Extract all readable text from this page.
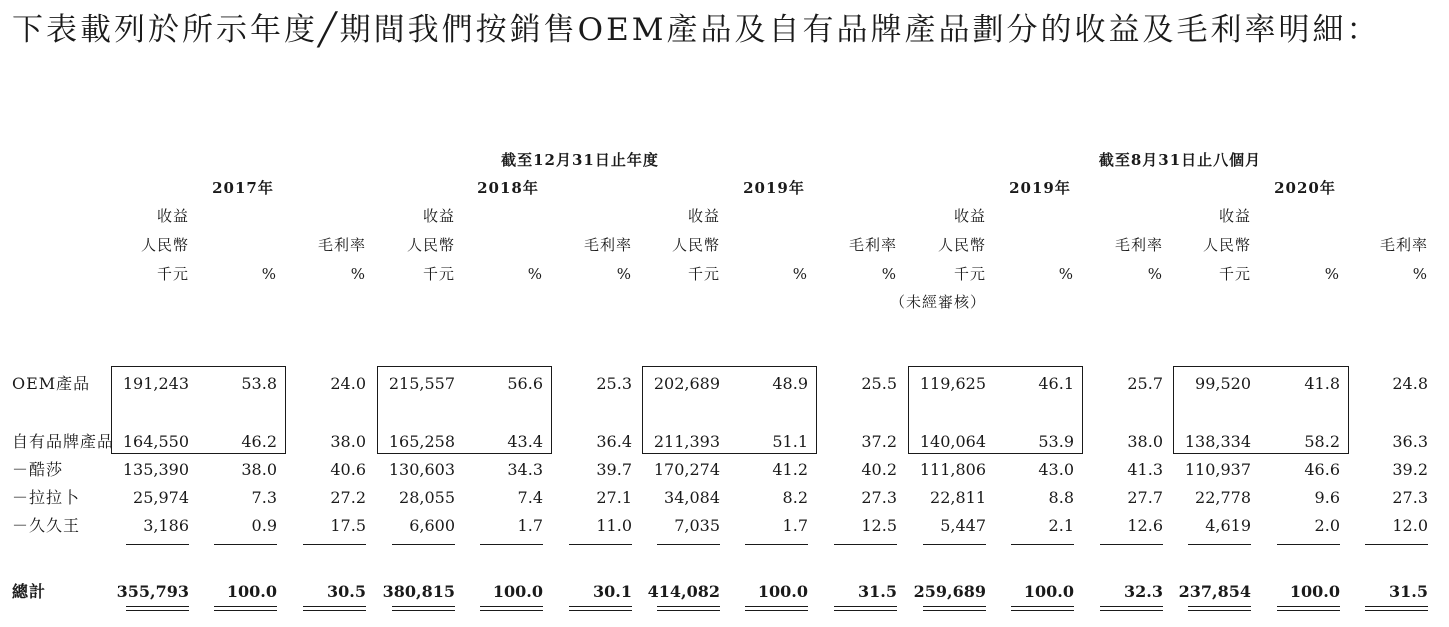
下表載列於所示年度╱期間我們按銷售OEM產品及自有品牌產品劃分的收益及毛利率明細：

截至12月31日止年度	截至8月31日止八個月
2017年	2018年	2019年	2019年	2020年
收益
人民幣
千元	%
毛利率
%
收益
人民幣
千元	%
毛利率
%
收益
人民幣
千元	%
毛利率
%
收益
人民幣
千元	%
毛利率
%
收益
人民幣
千元	%
毛利率
%
（未經審核）
OEM產品	191,243	53.8	24.0	215,557	56.6	25.3	202,689	48.9	25.5	119,625	46.1	25.7	99,520	41.8	24.8
自有品牌產品 164,550	46.2	38.0	165,258	43.4	36.4	211,393	51.1	37.2	140,064	53.9	38.0	138,334	58.2	36.3
－酷莎	135,390	38.0	40.6	130,603	34.3	39.7	170,274	41.2	40.2	111,806	43.0	41.3	110,937	46.6	39.2
－拉拉卜	25,974	7.3	27.2	28,055	7.4	27.1	34,084	8.2	27.3	22,811	8.8	27.7	22,778	9.6	27.3
－久久王	3,186	0.9	17.5	6,600	1.7	11.0	7,035	1.7	12.5	5,447	2.1	12.6	4,619	2.0	12.0
總計	355,793	100.0	30.5	380,815	100.0	30.1 414,082	100.0	31.5	259,689	100.0	32.3 237,854	100.0	31.5
